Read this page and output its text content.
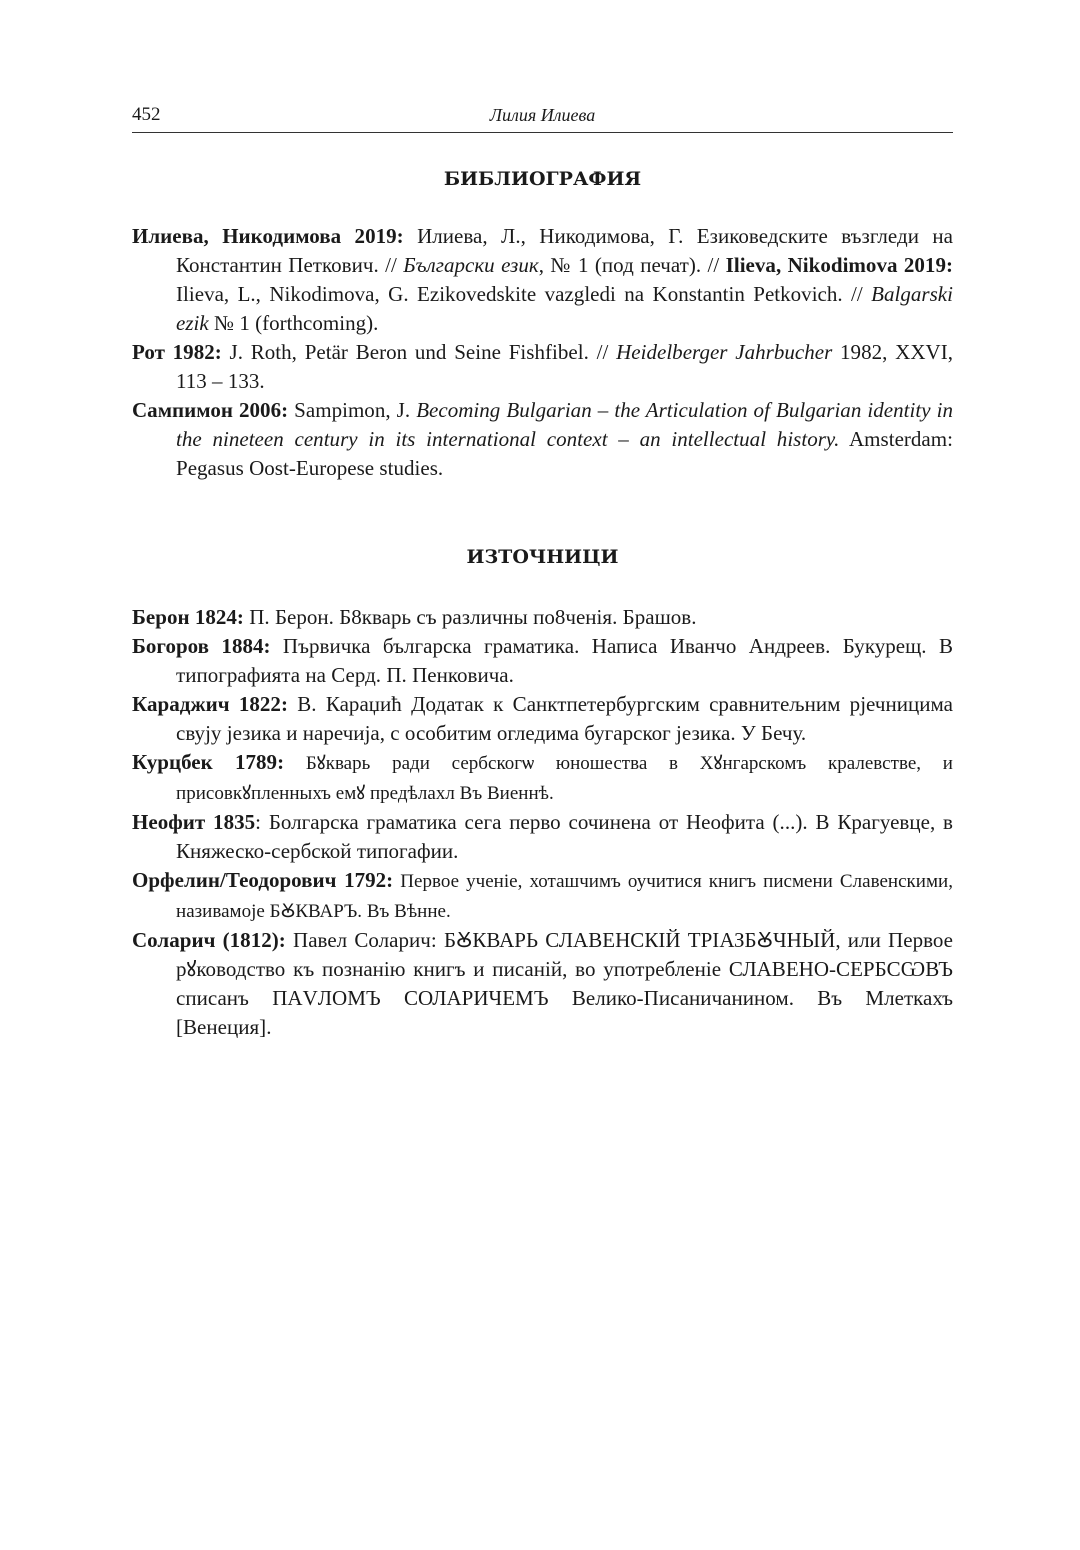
452	Лилия Илиева
БИБЛИОГРАФИЯ

Илиева, Никодимова 2019: Илиева, Л., Никодимова, Г. Езиковедските възгледи на Константин Петкович. // Български език, № 1 (под печат). // Ilieva, Nikodimova 2019: Ilieva, L., Nikodimova, G. Ezikovedskite vazgledi na Konstantin Petkovich. // Balgarski ezik № 1 (forthcoming).

Рот 1982: J. Roth, Petär Beron und Seine Fishfibel. // Heidelberger Jahrbucher 1982, XXVI, 113 – 133.

Сампимон 2006: Sampimon, J. Becoming Bulgarian – the Articulation of Bulgarian identity in the nineteen century in its international context – an intellectual history. Amsterdam: Pegasus Oost-Europese studies.

ИЗТОЧНИЦИ

Берон 1824: П. Берон. Б8кварь съ различны по8ченія. Брашов.

Богоров 1884: Първичка българска граматика. Написа Иванчо Андреев. Букурещ. В типографията на Серд. П. Пенковича.

Караджич 1822: В. Караџић Додатак к Санктпетербургским сравнитељним рјечницима свују језика и наречија, с особитим огледима бугарског језика. У Бечу.

Курцбек 1789: Бꙋкварь ради сербскогѡ юношества в Хꙋнгарскомъ кралевстве, и присовкꙋпленныхъ емꙋ предѣлахл Въ Виеннѣ.

Неофит 1835: Болгарска граматика сега перво сочинена от Неофита (...). В Крагуевце, в Княжеско-сербской типогафии.

Орфелин/Теодорович 1792: Первое ученіе, хоташчимъ оучитися книгъ писмени Славенскими, називамоје БꙊКВАРЪ. Въ Вѣнне.

Соларич (1812): Павел Соларич: БꙊКВАРЬ СЛАВЕНСКІЙ ТРІАЗБꙊЧНЫЙ, или Первое рꙋководство къ познанію книгъ и писаній, во употребленіе СЛАВЕНО-СЕРБСѠВЪ списанъ ПАVЛОМЪ СОЛАРИЧЕМЪ Велико-Писаничанином. Въ Млеткахъ [Венеция].
